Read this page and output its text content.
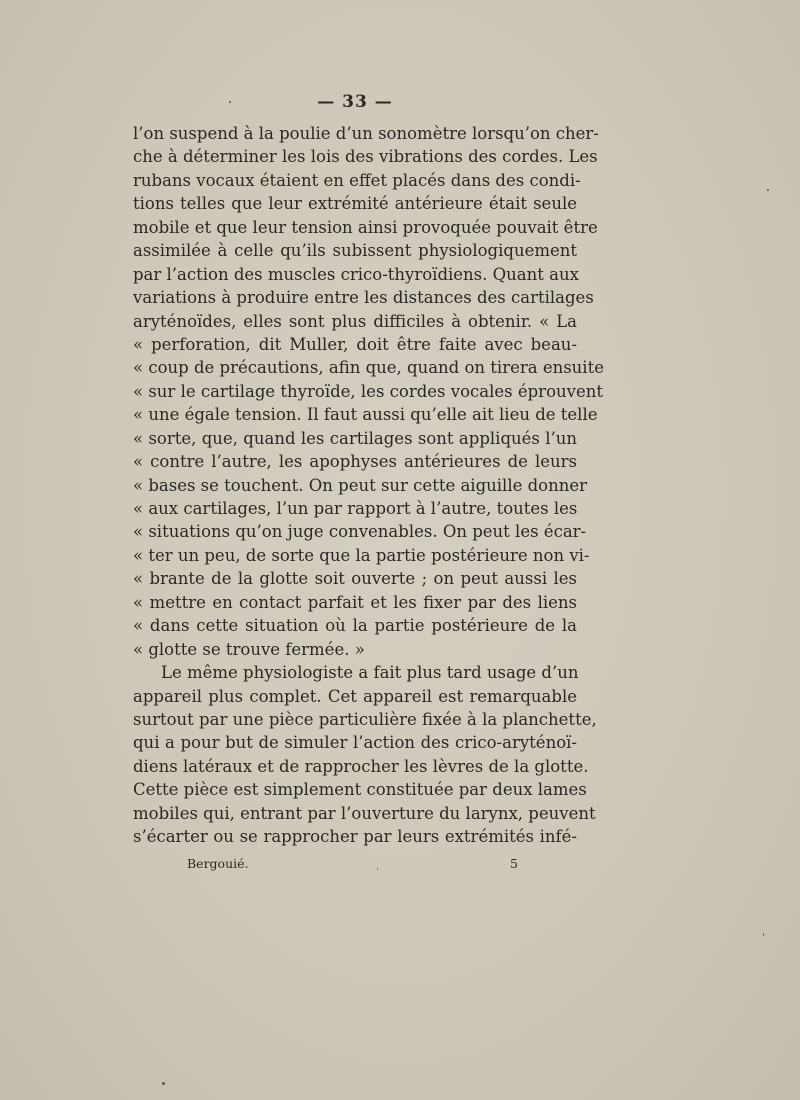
— 33 —
l’on suspend à la poulie d’un sonomètre lorsqu’on cher-
che à déterminer les lois des vibrations des cordes. Les
rubans vocaux étaient en effet placés dans des condi-
tions telles que leur extrémité antérieure était seule
mobile et que leur tension ainsi provoquée pouvait être
assimilée à celle qu’ils subissent physiologiquement
par l’action des muscles crico-thyroïdiens. Quant aux
variations à produire entre les distances des cartilages
aryténoïdes, elles sont plus difficiles à obtenir. « La
« perforation, dit Muller, doit être faite avec beau-
« coup de précautions, afin que, quand on tirera ensuite
« sur le cartilage thyroïde, les cordes vocales éprouvent
« une égale tension. Il faut aussi qu’elle ait lieu de telle
« sorte, que, quand les cartilages sont appliqués l’un
« contre l’autre, les apophyses antérieures de leurs
« bases se touchent. On peut sur cette aiguille donner
« aux cartilages, l’un par rapport à l’autre, toutes les
« situations qu’on juge convenables. On peut les écar-
« ter un peu, de sorte que la partie postérieure non vi-
« brante de la glotte soit ouverte ; on peut aussi les
« mettre en contact parfait et les fixer par des liens
« dans cette situation où la partie postérieure de la
« glotte se trouve fermée. »
Le même physiologiste a fait plus tard usage d’un
appareil plus complet. Cet appareil est remarquable
surtout par une pièce particulière fixée à la planchette,
qui a pour but de simuler l’action des crico-aryténoï-
diens latéraux et de rapprocher les lèvres de la glotte.
Cette pièce est simplement constituée par deux lames
mobiles qui, entrant par l’ouverture du larynx, peuvent
s’écarter ou se rapprocher par leurs extrémités infé-
Bergouié.	5
